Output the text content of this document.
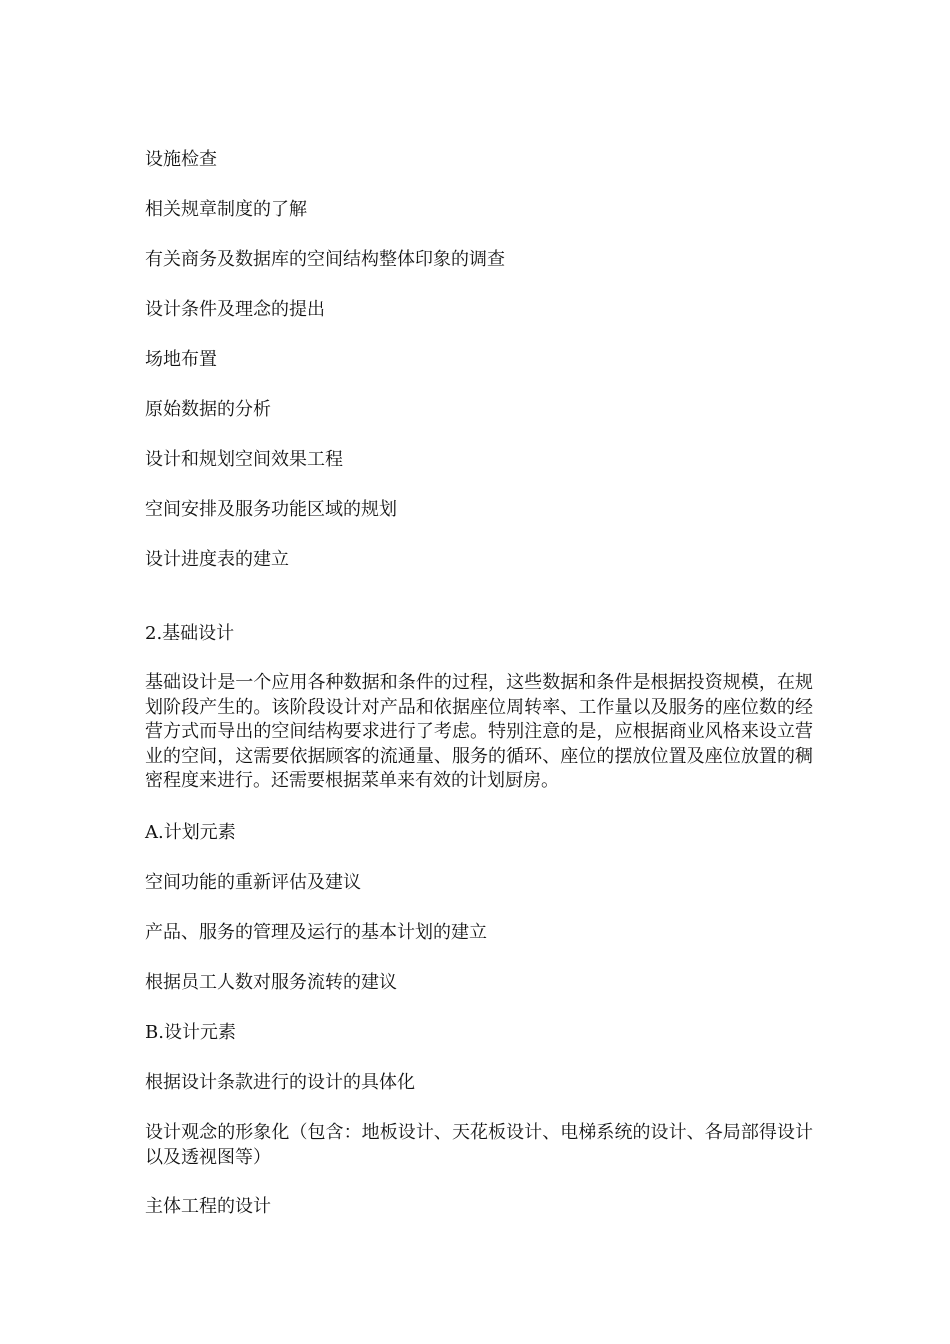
设施检查

相关规章制度的了解

有关商务及数据库的空间结构整体印象的调查

设计条件及理念的提出

场地布置

原始数据的分析

设计和规划空间效果工程

空间安排及服务功能区域的规划

设计进度表的建立

2.基础设计

基础设计是一个应用各种数据和条件的过程，这些数据和条件是根据投资规模，在规划阶段产生的。该阶段设计对产品和依据座位周转率、工作量以及服务的座位数的经营方式而导出的空间结构要求进行了考虑。特别注意的是，应根据商业风格来设立营业的空间，这需要依据顾客的流通量、服务的循环、座位的摆放位置及座位放置的稠密程度来进行。还需要根据菜单来有效的计划厨房。

A.计划元素

空间功能的重新评估及建议

产品、服务的管理及运行的基本计划的建立

根据员工人数对服务流转的建议

B.设计元素

根据设计条款进行的设计的具体化

设计观念的形象化（包含：地板设计、天花板设计、电梯系统的设计、各局部得设计以及透视图等）

主体工程的设计
